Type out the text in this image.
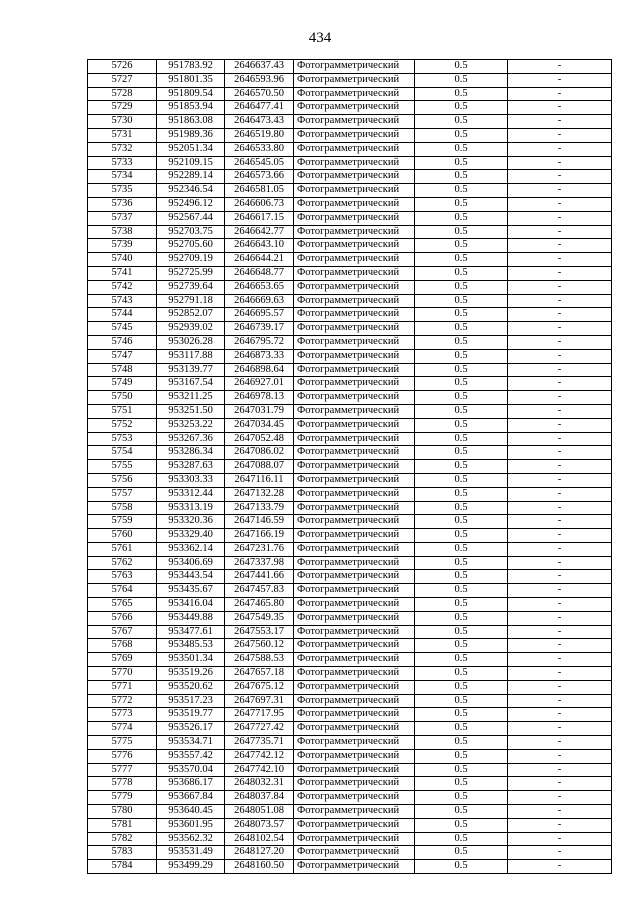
434
5726	951783.92	2646637.43	Фотограмметрический	0.5	-
5727	951801.35	2646593.96	Фотограмметрический	0.5	-
5728	951809.54	2646570.50	Фотограмметрический	0.5	-
5729	951853.94	2646477.41	Фотограмметрический	0.5	-
5730	951863.08	2646473.43	Фотограмметрический	0.5	-
5731	951989.36	2646519.80	Фотограмметрический	0.5	-
5732	952051.34	2646533.80	Фотограмметрический	0.5	-
5733	952109.15	2646545.05	Фотограмметрический	0.5	-
5734	952289.14	2646573.66	Фотограмметрический	0.5	-
5735	952346.54	2646581.05	Фотограмметрический	0.5	-
5736	952496.12	2646606.73	Фотограмметрический	0.5	-
5737	952567.44	2646617.15	Фотограмметрический	0.5	-
5738	952703.75	2646642.77	Фотограмметрический	0.5	-
5739	952705.60	2646643.10	Фотограмметрический	0.5	-
5740	952709.19	2646644.21	Фотограмметрический	0.5	-
5741	952725.99	2646648.77	Фотограмметрический	0.5	-
5742	952739.64	2646653.65	Фотограмметрический	0.5	-
5743	952791.18	2646669.63	Фотограмметрический	0.5	-
5744	952852.07	2646695.57	Фотограмметрический	0.5	-
5745	952939.02	2646739.17	Фотограмметрический	0.5	-
5746	953026.28	2646795.72	Фотограмметрический	0.5	-
5747	953117.88	2646873.33	Фотограмметрический	0.5	-
5748	953139.77	2646898.64	Фотограмметрический	0.5	-
5749	953167.54	2646927.01	Фотограмметрический	0.5	-
5750	953211.25	2646978.13	Фотограмметрический	0.5	-
5751	953251.50	2647031.79	Фотограмметрический	0.5	-
5752	953253.22	2647034.45	Фотограмметрический	0.5	-
5753	953267.36	2647052.48	Фотограмметрический	0.5	-
5754	953286.34	2647086.02	Фотограмметрический	0.5	-
5755	953287.63	2647088.07	Фотограмметрический	0.5	-
5756	953303.33	2647116.11	Фотограмметрический	0.5	-
5757	953312.44	2647132.28	Фотограмметрический	0.5	-
5758	953313.19	2647133.79	Фотограмметрический	0.5	-
5759	953320.36	2647146.59	Фотограмметрический	0.5	-
5760	953329.40	2647166.19	Фотограмметрический	0.5	-
5761	953362.14	2647231.76	Фотограмметрический	0.5	-
5762	953406.69	2647337.98	Фотограмметрический	0.5	-
5763	953443.54	2647441.66	Фотограмметрический	0.5	-
5764	953435.67	2647457.83	Фотограмметрический	0.5	-
5765	953416.04	2647465.80	Фотограмметрический	0.5	-
5766	953449.88	2647549.35	Фотограмметрический	0.5	-
5767	953477.61	2647553.17	Фотограмметрический	0.5	-
5768	953485.53	2647560.12	Фотограмметрический	0.5	-
5769	953501.34	2647588.53	Фотограмметрический	0.5	-
5770	953519.26	2647657.18	Фотограмметрический	0.5	-
5771	953520.62	2647675.12	Фотограмметрический	0.5	-
5772	953517.23	2647697.31	Фотограмметрический	0.5	-
5773	953519.77	2647717.95	Фотограмметрический	0.5	-
5774	953526.17	2647727.42	Фотограмметрический	0.5	-
5775	953534.71	2647735.71	Фотограмметрический	0.5	-
5776	953557.42	2647742.12	Фотограмметрический	0.5	-
5777	953570.04	2647742.10	Фотограмметрический	0.5	-
5778	953686.17	2648032.31	Фотограмметрический	0.5	-
5779	953667.84	2648037.84	Фотограмметрический	0.5	-
5780	953640.45	2648051.08	Фотограмметрический	0.5	-
5781	953601.95	2648073.57	Фотограмметрический	0.5	-
5782	953562.32	2648102.54	Фотограмметрический	0.5	-
5783	953531.49	2648127.20	Фотограмметрический	0.5	-
5784	953499.29	2648160.50	Фотограмметрический	0.5	-
